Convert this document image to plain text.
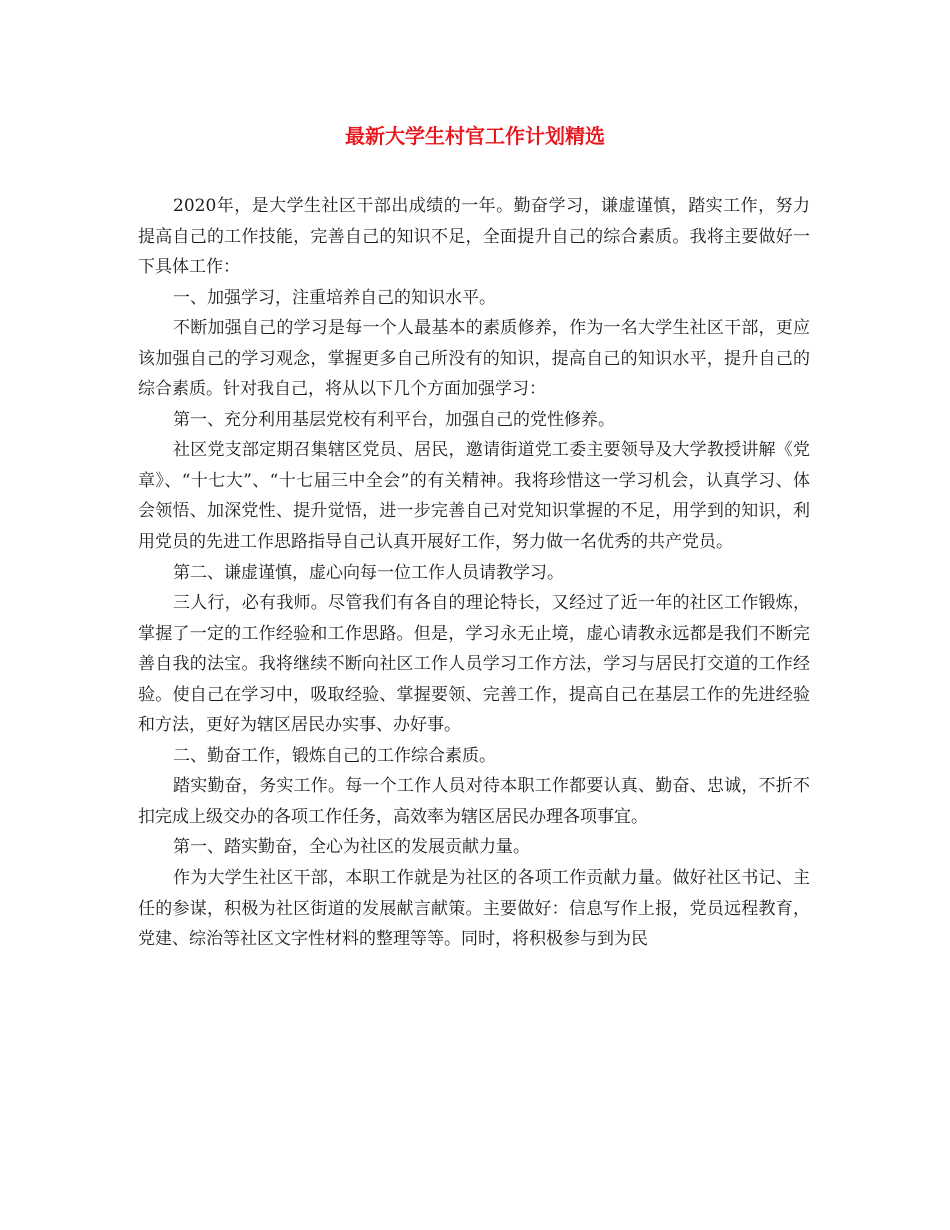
最新大学生村官工作计划精选

2020年，是大学生社区干部出成绩的一年。勤奋学习，谦虚谨慎，踏实工作，努力提高自己的工作技能，完善自己的知识不足，全面提升自己的综合素质。我将主要做好一下具体工作：

一、加强学习，注重培养自己的知识水平。

不断加强自己的学习是每一个人最基本的素质修养，作为一名大学生社区干部，更应该加强自己的学习观念，掌握更多自己所没有的知识，提高自己的知识水平，提升自己的综合素质。针对我自己，将从以下几个方面加强学习：

第一、充分利用基层党校有利平台，加强自己的党性修养。

社区党支部定期召集辖区党员、居民，邀请街道党工委主要领导及大学教授讲解《党章》、“十七大”、“十七届三中全会”的有关精神。我将珍惜这一学习机会，认真学习、体会领悟、加深党性、提升觉悟，进一步完善自己对党知识掌握的不足，用学到的知识，利用党员的先进工作思路指导自己认真开展好工作，努力做一名优秀的共产党员。

第二、谦虚谨慎，虚心向每一位工作人员请教学习。

三人行，必有我师。尽管我们有各自的理论特长，又经过了近一年的社区工作锻炼，掌握了一定的工作经验和工作思路。但是，学习永无止境，虚心请教永远都是我们不断完善自我的法宝。我将继续不断向社区工作人员学习工作方法，学习与居民打交道的工作经验。使自己在学习中，吸取经验、掌握要领、完善工作，提高自己在基层工作的先进经验和方法，更好为辖区居民办实事、办好事。

二、勤奋工作，锻炼自己的工作综合素质。

踏实勤奋，务实工作。每一个工作人员对待本职工作都要认真、勤奋、忠诚，不折不扣完成上级交办的各项工作任务，高效率为辖区居民办理各项事宜。

第一、踏实勤奋，全心为社区的发展贡献力量。

作为大学生社区干部，本职工作就是为社区的各项工作贡献力量。做好社区书记、主任的参谋，积极为社区街道的发展献言献策。主要做好：信息写作上报，党员远程教育，党建、综治等社区文字性材料的整理等等。同时，将积极参与到为民
